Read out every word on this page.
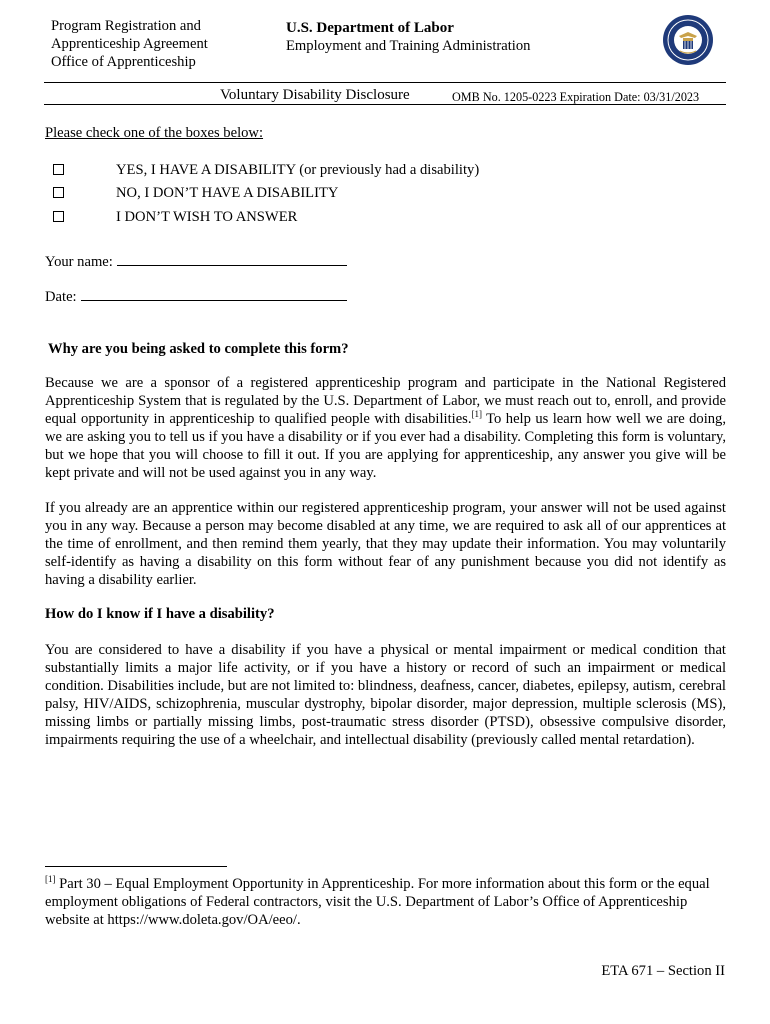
Program Registration and
Apprenticeship Agreement
Office of Apprenticeship
U.S. Department of Labor
Employment and Training Administration
Voluntary Disability Disclosure	OMB No. 1205-0223 Expiration Date: 03/31/2023
Please check one of the boxes below:
YES, I HAVE A DISABILITY (or previously had a disability)
NO, I DON’T HAVE A DISABILITY
I DON’T WISH TO ANSWER
Your name:
Date:
Why are you being asked to complete this form?

Because we are a sponsor of a registered apprenticeship program and participate in the National Registered Apprenticeship System that is regulated by the U.S. Department of Labor, we must reach out to, enroll, and provide equal opportunity in apprenticeship to qualified people with disabilities.[1] To help us learn how well we are doing, we are asking you to tell us if you have a disability or if you ever had a disability. Completing this form is voluntary, but we hope that you will choose to fill it out. If you are applying for apprenticeship, any answer you give will be kept private and will not be used against you in any way.

If you already are an apprentice within our registered apprenticeship program, your answer will not be used against you in any way. Because a person may become disabled at any time, we are required to ask all of our apprentices at the time of enrollment, and then remind them yearly, that they may update their information. You may voluntarily self-identify as having a disability on this form without fear of any punishment because you did not identify as having a disability earlier.

How do I know if I have a disability?

You are considered to have a disability if you have a physical or mental impairment or medical condition that substantially limits a major life activity, or if you have a history or record of such an impairment or medical condition. Disabilities include, but are not limited to: blindness, deafness, cancer, diabetes, epilepsy, autism, cerebral palsy, HIV/AIDS, schizophrenia, muscular dystrophy, bipolar disorder, major depression, multiple sclerosis (MS), missing limbs or partially missing limbs, post-traumatic stress disorder (PTSD), obsessive compulsive disorder, impairments requiring the use of a wheelchair, and intellectual disability (previously called mental retardation).

[1] Part 30 – Equal Employment Opportunity in Apprenticeship. For more information about this form or the equal employment obligations of Federal contractors, visit the U.S. Department of Labor’s Office of Apprenticeship website at https://www.doleta.gov/OA/eeo/.
ETA 671 – Section II
